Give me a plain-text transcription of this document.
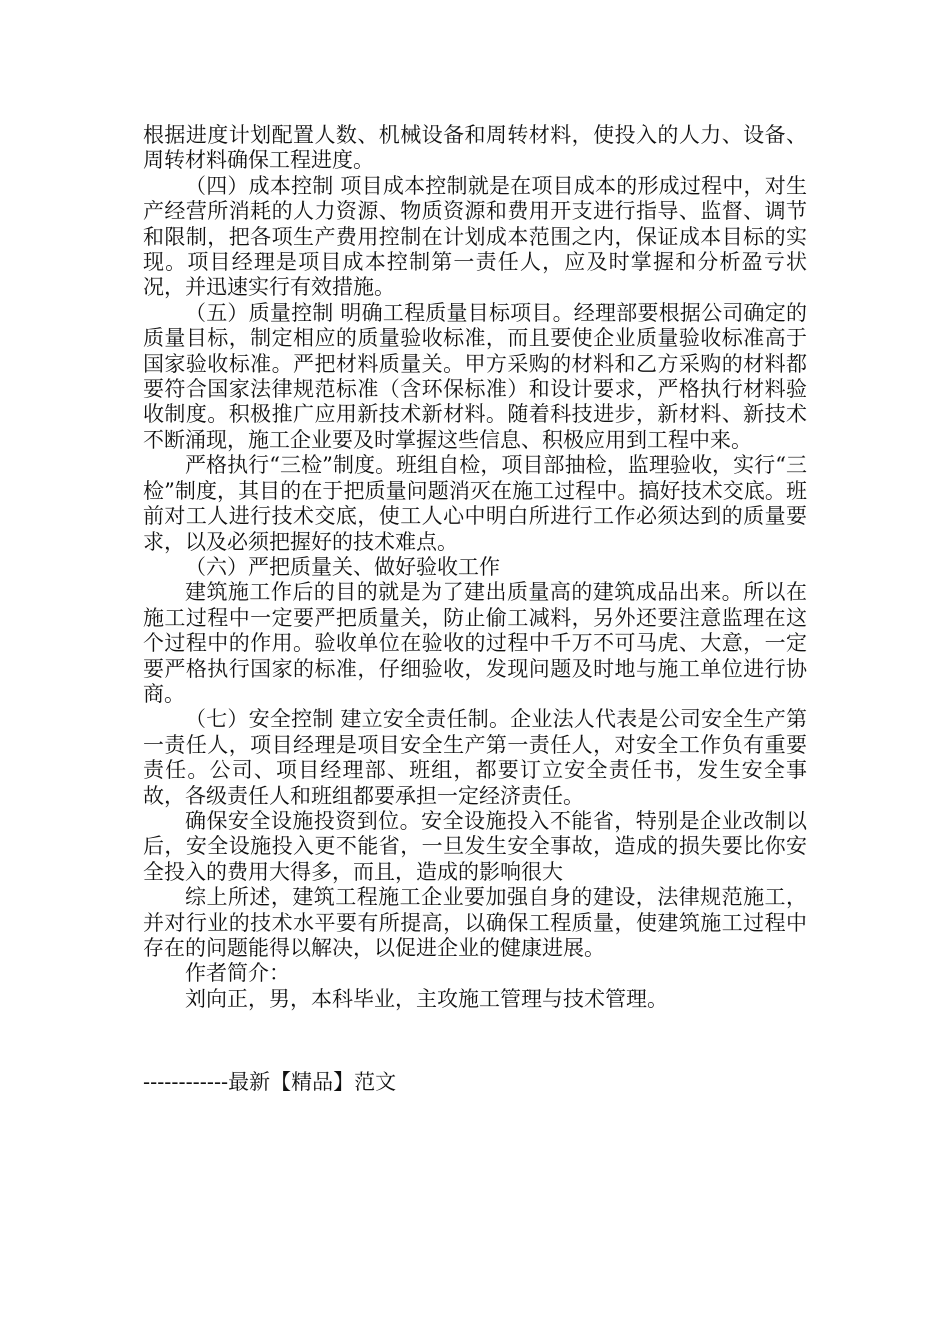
根据进度计划配置人数、机械设备和周转材料，使投入的人力、设备、周转材料确保工程进度。

（四）成本控制 项目成本控制就是在项目成本的形成过程中，对生产经营所消耗的人力资源、物质资源和费用开支进行指导、监督、调节和限制，把各项生产费用控制在计划成本范围之内，保证成本目标的实现。项目经理是项目成本控制第一责任人，应及时掌握和分析盈亏状况，并迅速实行有效措施。

（五）质量控制 明确工程质量目标项目。经理部要根据公司确定的质量目标，制定相应的质量验收标准，而且要使企业质量验收标准高于国家验收标准。严把材料质量关。甲方采购的材料和乙方采购的材料都要符合国家法律规范标准（含环保标准）和设计要求，严格执行材料验收制度。积极推广应用新技术新材料。随着科技进步，新材料、新技术不断涌现，施工企业要及时掌握这些信息、积极应用到工程中来。

严格执行“三检”制度。班组自检，项目部抽检，监理验收，实行“三检”制度，其目的在于把质量问题消灭在施工过程中。搞好技术交底。班前对工人进行技术交底，使工人心中明白所进行工作必须达到的质量要求，以及必须把握好的技术难点。

（六）严把质量关、做好验收工作

建筑施工作后的目的就是为了建出质量高的建筑成品出来。所以在施工过程中一定要严把质量关，防止偷工减料，另外还要注意监理在这个过程中的作用。验收单位在验收的过程中千万不可马虎、大意，一定要严格执行国家的标准，仔细验收，发现问题及时地与施工单位进行协商。

（七）安全控制 建立安全责任制。企业法人代表是公司安全生产第一责任人，项目经理是项目安全生产第一责任人，对安全工作负有重要责任。公司、项目经理部、班组，都要订立安全责任书，发生安全事故，各级责任人和班组都要承担一定经济责任。

确保安全设施投资到位。安全设施投入不能省，特别是企业改制以后，安全设施投入更不能省，一旦发生安全事故，造成的损失要比你安全投入的费用大得多，而且，造成的影响很大

综上所述，建筑工程施工企业要加强自身的建设，法律规范施工，并对行业的技术水平要有所提高，以确保工程质量，使建筑施工过程中存在的问题能得以解决，以促进企业的健康进展。

作者简介：

刘向正，男，本科毕业，主攻施工管理与技术管理。

------------最新【精品】范文
